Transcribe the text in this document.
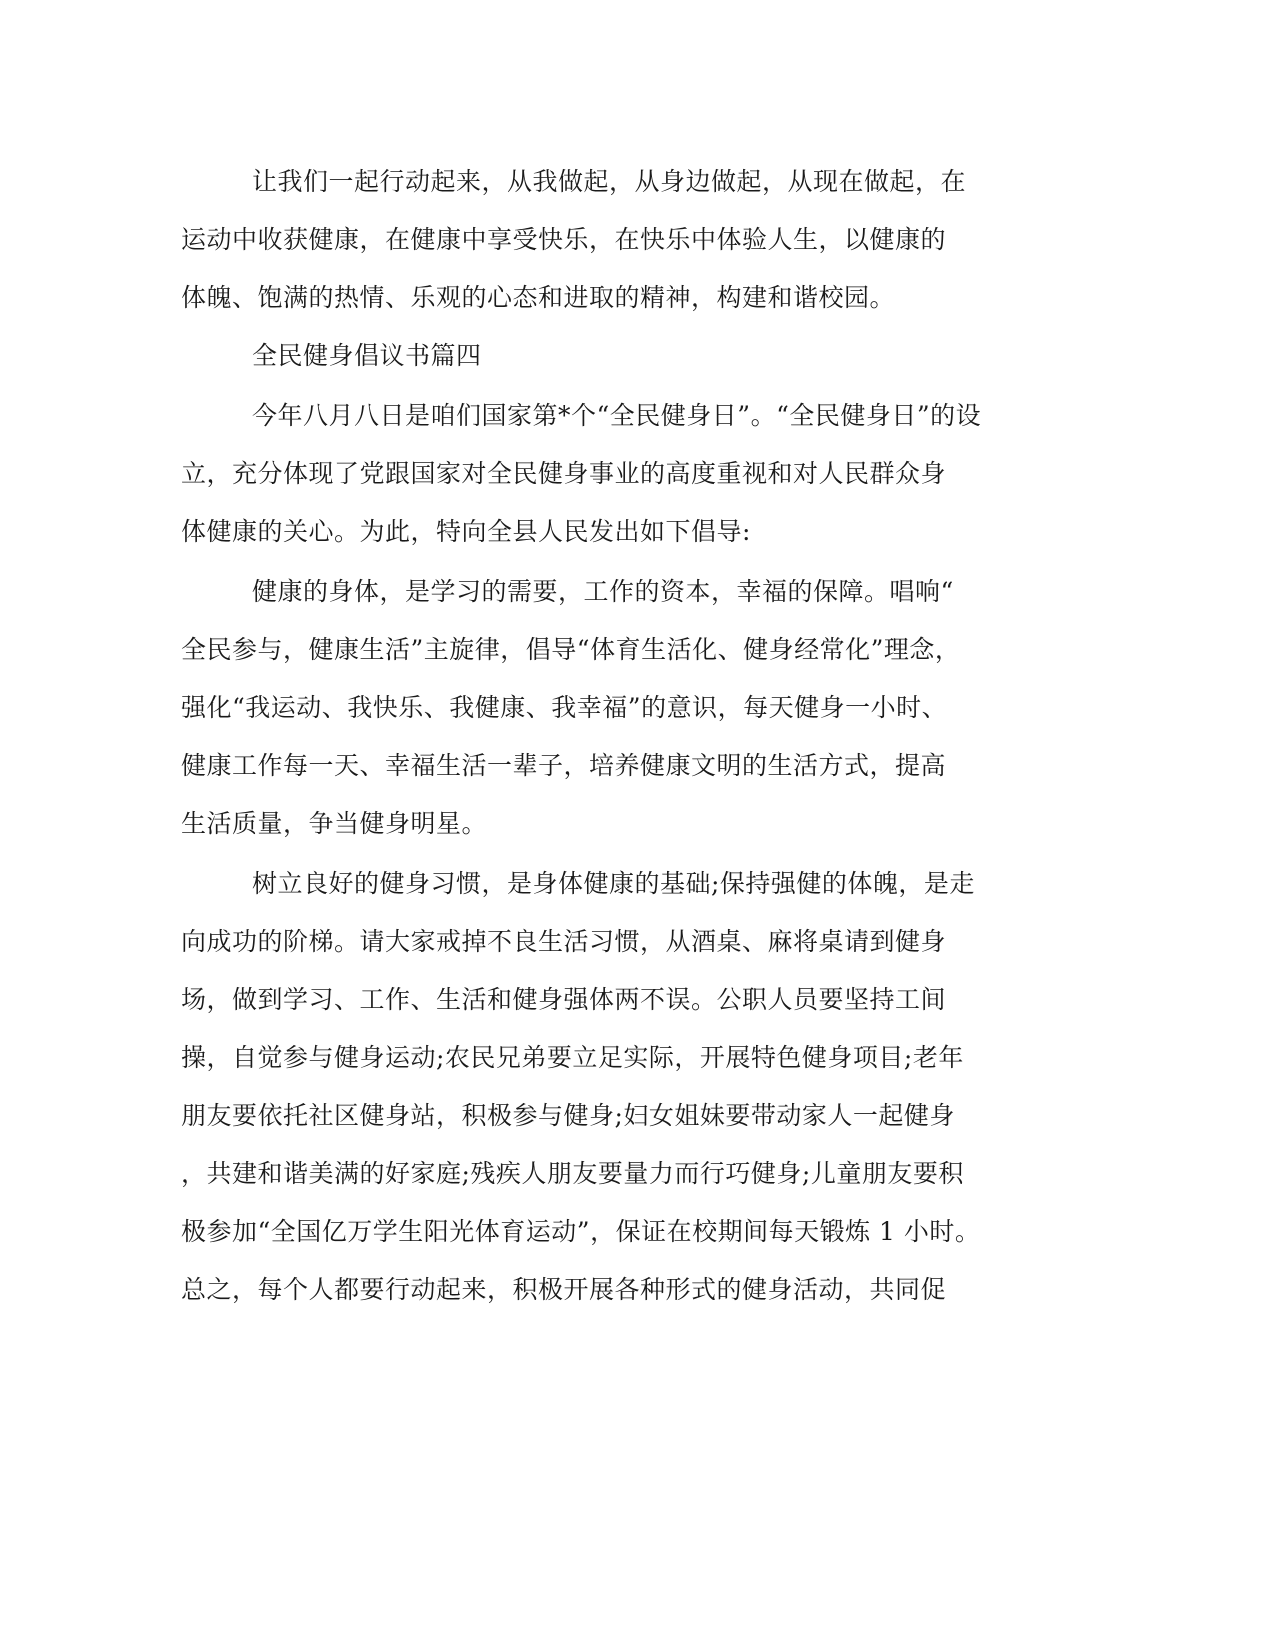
让我们一起行动起来，从我做起，从身边做起，从现在做起，在
运动中收获健康，在健康中享受快乐，在快乐中体验人生，以健康的
体魄、饱满的热情、乐观的心态和进取的精神，构建和谐校园。
全民健身倡议书篇四
今年八月八日是咱们国家第*个“全民健身日”。“全民健身日”的设
立，充分体现了党跟国家对全民健身事业的高度重视和对人民群众身
体健康的关心。为此，特向全县人民发出如下倡导:
健康的身体，是学习的需要，工作的资本，幸福的保障。唱响“
全民参与，健康生活”主旋律，倡导“体育生活化、健身经常化”理念，
强化“我运动、我快乐、我健康、我幸福”的意识，每天健身一小时、
健康工作每一天、幸福生活一辈子，培养健康文明的生活方式，提高
生活质量，争当健身明星。
树立良好的健身习惯，是身体健康的基础;保持强健的体魄，是走
向成功的阶梯。请大家戒掉不良生活习惯，从酒桌、麻将桌请到健身
场，做到学习、工作、生活和健身强体两不误。公职人员要坚持工间
操，自觉参与健身运动;农民兄弟要立足实际，开展特色健身项目;老年
朋友要依托社区健身站，积极参与健身;妇女姐妹要带动家人一起健身
，共建和谐美满的好家庭;残疾人朋友要量力而行巧健身;儿童朋友要积
极参加“全国亿万学生阳光体育运动”，保证在校期间每天锻炼 1 小时。
总之，每个人都要行动起来，积极开展各种形式的健身活动，共同促
